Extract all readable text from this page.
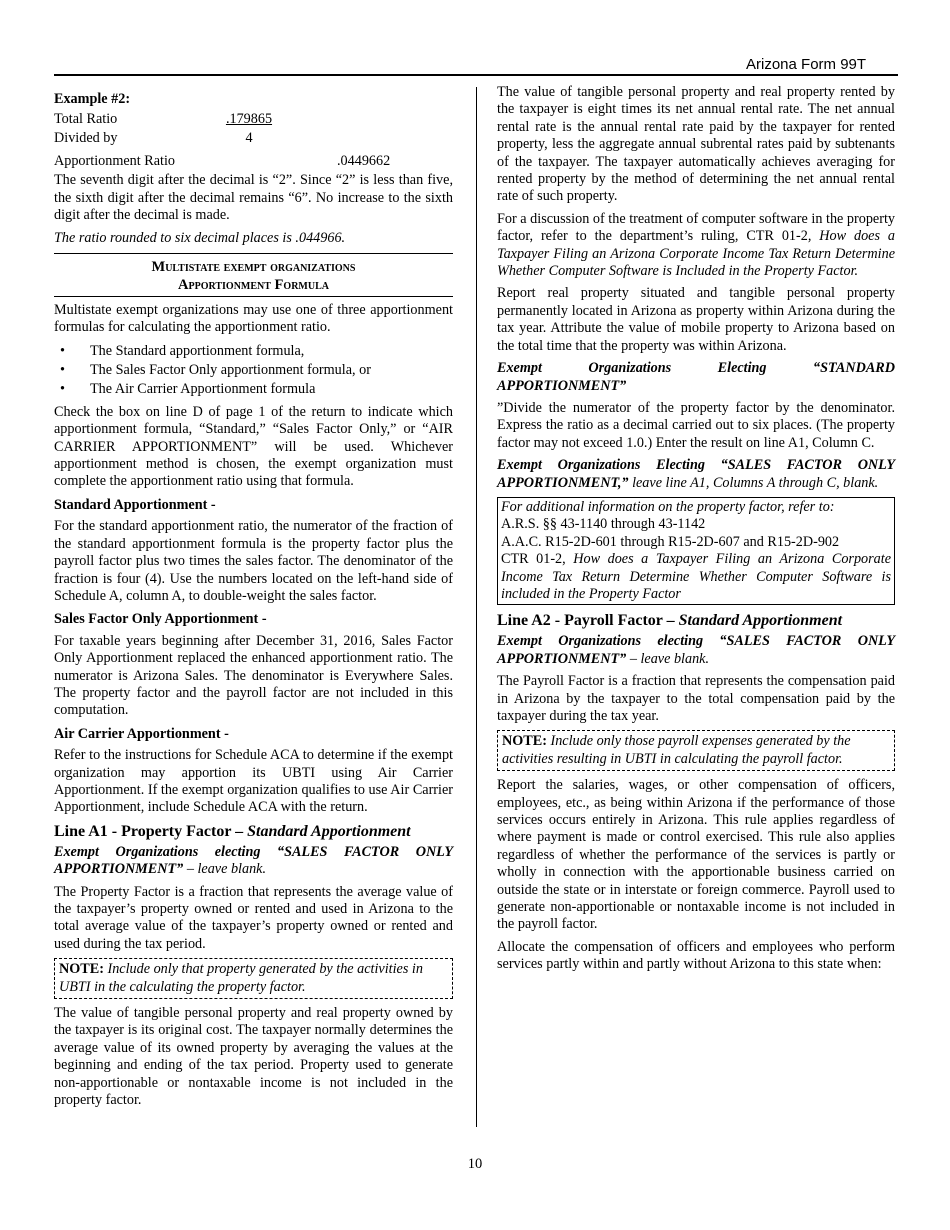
Arizona Form 99T
Example #2:
Total Ratio	.179865
Divided by	4
Apportionment Ratio	.0449662

The seventh digit after the decimal is “2”. Since “2” is less than five, the sixth digit after the decimal remains “6”. No increase to the sixth digit after the decimal is made.

The ratio rounded to six decimal places is .044966.

Multistate exempt organizations
Apportionment Formula

Multistate exempt organizations may use one of three apportionment formulas for calculating the apportionment ratio.

• The Standard apportionment formula,
• The Sales Factor Only apportionment formula, or
• The Air Carrier Apportionment formula

Check the box on line D of page 1 of the return to indicate which apportionment formula, “Standard,” “Sales Factor Only,” or “AIR CARRIER APPORTIONMENT” will be used. Whichever apportionment method is chosen, the exempt organization must complete the apportionment ratio using that formula.

Standard Apportionment -

For the standard apportionment ratio, the numerator of the fraction of the standard apportionment formula is the property factor plus the payroll factor plus two times the sales factor. The denominator of the fraction is four (4). Use the numbers located on the left-hand side of Schedule A, column A, to double-weight the sales factor.

Sales Factor Only Apportionment -

For taxable years beginning after December 31, 2016, Sales Factor Only Apportionment replaced the enhanced apportionment ratio. The numerator is Arizona Sales. The denominator is Everywhere Sales. The property factor and the payroll factor are not included in this computation.

Air Carrier Apportionment -

Refer to the instructions for Schedule ACA to determine if the exempt organization may apportion its UBTI using Air Carrier Apportionment. If the exempt organization qualifies to use Air Carrier Apportionment, include Schedule ACA with the return.

Line A1 - Property Factor – Standard Apportionment

Exempt Organizations electing “SALES FACTOR ONLY APPORTIONMENT” – leave blank.

The Property Factor is a fraction that represents the average value of the taxpayer’s property owned or rented and used in Arizona to the total average value of the taxpayer’s property owned or rented and used during the tax period.

NOTE: Include only that property generated by the activities in UBTI in the calculating the property factor.

The value of tangible personal property and real property owned by the taxpayer is its original cost. The taxpayer normally determines the average value of its owned property by averaging the values at the beginning and ending of the tax period. Property used to generate non-apportionable or nontaxable income is not included in the property factor.

The value of tangible personal property and real property rented by the taxpayer is eight times its net annual rental rate. The net annual rental rate is the annual rental rate paid by the taxpayer for rented property, less the aggregate annual subrental rates paid by subtenants of the taxpayer. The taxpayer automatically achieves averaging for rented property by the method of determining the net annual rental rate of such property.

For a discussion of the treatment of computer software in the property factor, refer to the department’s ruling, CTR 01-2, How does a Taxpayer Filing an Arizona Corporate Income Tax Return Determine Whether Computer Software is Included in the Property Factor.

Report real property situated and tangible personal property permanently located in Arizona as property within Arizona during the tax year. Attribute the value of mobile property to Arizona based on the total time that the property was within Arizona.

Exempt Organizations Electing “STANDARD APPORTIONMENT”

”Divide the numerator of the property factor by the denominator. Express the ratio as a decimal carried out to six places. (The property factor may not exceed 1.0.) Enter the result on line A1, Column C.

Exempt Organizations Electing “SALES FACTOR ONLY APPORTIONMENT,” leave line A1, Columns A through C, blank.

For additional information on the property factor, refer to:

A.R.S. §§ 43-1140 through 43-1142

A.A.C. R15-2D-601 through R15-2D-607 and R15-2D-902

CTR 01-2, How does a Taxpayer Filing an Arizona Corporate Income Tax Return Determine Whether Computer Software is included in the Property Factor

Line A2 - Payroll Factor – Standard Apportionment

Exempt Organizations electing “SALES FACTOR ONLY APPORTIONMENT” – leave blank.

The Payroll Factor is a fraction that represents the compensation paid in Arizona by the taxpayer to the total compensation paid by the taxpayer during the tax year.

NOTE: Include only those payroll expenses generated by the activities resulting in UBTI in calculating the payroll factor.

Report the salaries, wages, or other compensation of officers, employees, etc., as being within Arizona if the performance of those services occurs entirely in Arizona. This rule applies regardless of where payment is made or control exercised. This rule also applies regardless of whether the performance of the services is partly or wholly in connection with the apportionable business carried on outside the state or in interstate or foreign commerce. Payroll used to generate non-apportionable or nontaxable income is not included in the payroll factor.

Allocate the compensation of officers and employees who perform services partly within and partly without Arizona to this state when:

10
